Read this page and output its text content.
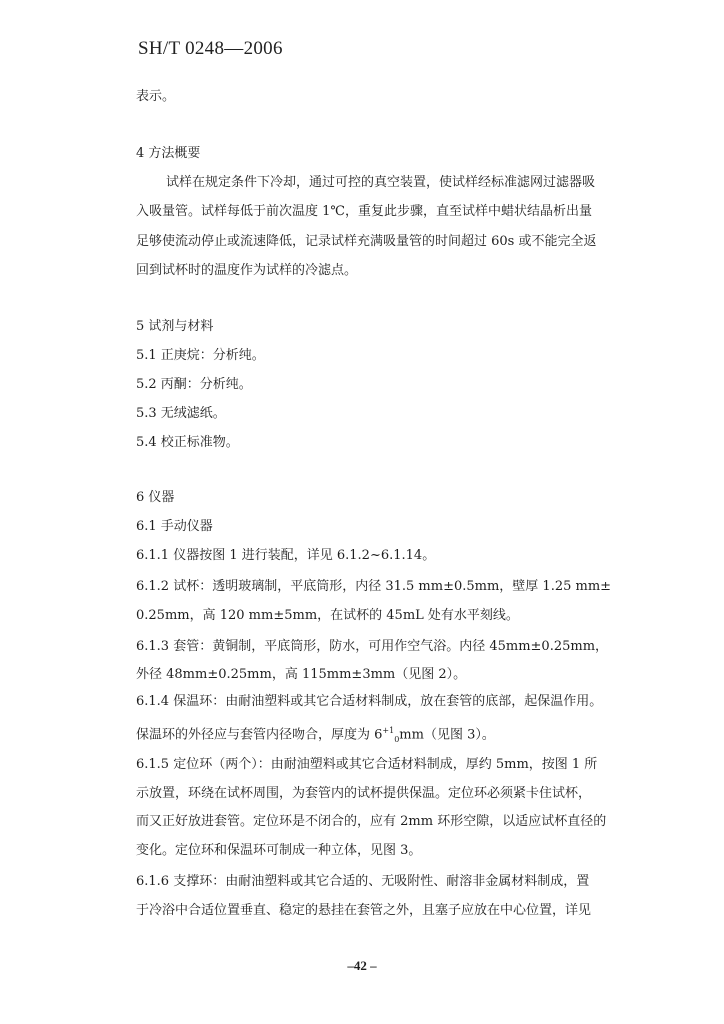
SH/T 0248—2006
表示。
4 方法概要
试样在规定条件下冷却，通过可控的真空装置，使试样经标准滤网过滤器吸
入吸量管。试样每低于前次温度 1℃，重复此步骤，直至试样中蜡状结晶析出量
足够使流动停止或流速降低，记录试样充满吸量管的时间超过 60s 或不能完全返
回到试杯时的温度作为试样的冷滤点。
5 试剂与材料
5.1 正庚烷：分析纯。
5.2 丙酮：分析纯。
5.3 无绒滤纸。
5.4 校正标准物。
6 仪器
6.1 手动仪器
6.1.1 仪器按图 1 进行装配，详见 6.1.2~6.1.14。
6.1.2 试杯：透明玻璃制，平底筒形，内径 31.5 mm±0.5mm，壁厚 1.25 mm±
0.25mm，高 120 mm±5mm，在试杯的 45mL 处有水平刻线。
6.1.3 套管：黄铜制，平底筒形，防水，可用作空气浴。内径 45mm±0.25mm，
外径 48mm±0.25mm，高 115mm±3mm（见图 2）。
6.1.4 保温环：由耐油塑料或其它合适材料制成，放在套管的底部，起保温作用。
保温环的外径应与套管内径吻合，厚度为 $6^{+1}_0mm$（见图 3）。
6.1.5 定位环（两个）：由耐油塑料或其它合适材料制成，厚约 5mm，按图 1 所
示放置，环绕在试杯周围，为套管内的试杯提供保温。定位环必须紧卡住试杯，
而又正好放进套管。定位环是不闭合的，应有 2mm 环形空隙，以适应试杯直径的
变化。定位环和保温环可制成一种立体，见图 3。
6.1.6 支撑环：由耐油塑料或其它合适的、无吸附性、耐溶非金属材料制成，置
于冷浴中合适位置垂直、稳定的悬挂在套管之外，且塞子应放在中心位置，详见
–42 –
